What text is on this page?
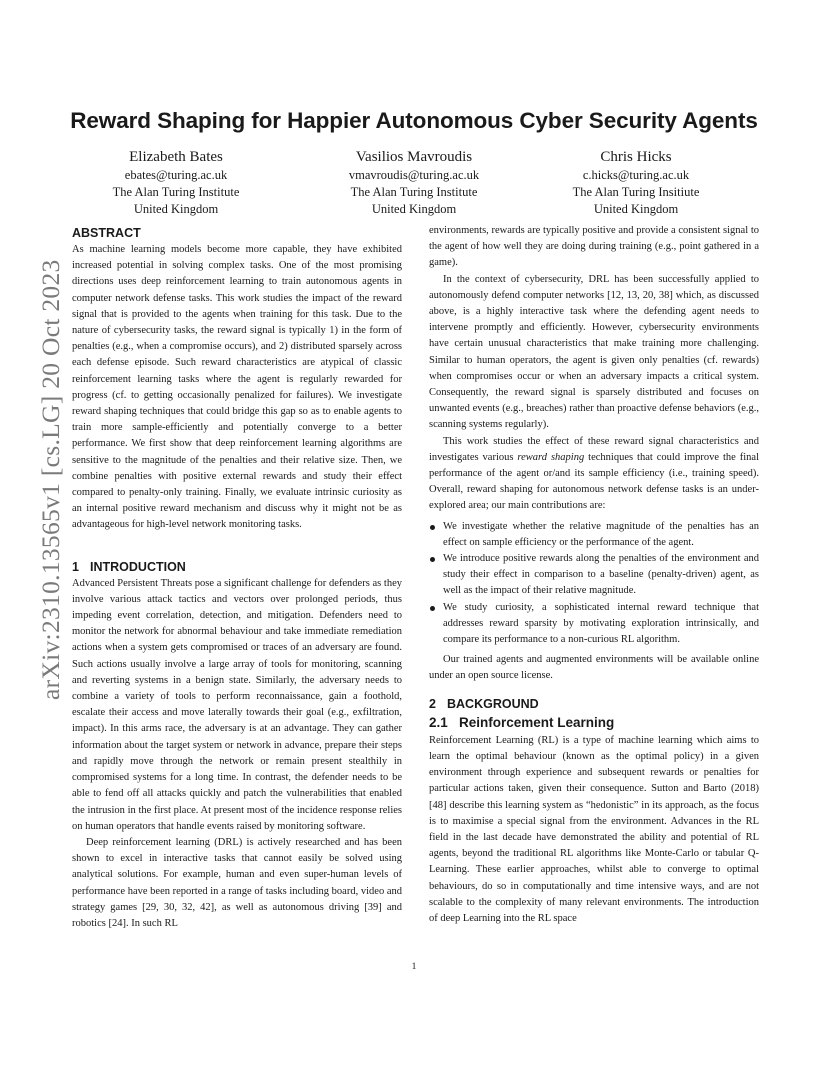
Reward Shaping for Happier Autonomous Cyber Security Agents
Elizabeth Bates
ebates@turing.ac.uk
The Alan Turing Institute
United Kingdom
Vasilios Mavroudis
vmavroudis@turing.ac.uk
The Alan Turing Institute
United Kingdom
Chris Hicks
c.hicks@turing.ac.uk
The Alan Turing Insitiute
United Kingdom
arXiv:2310.13565v1 [cs.LG] 20 Oct 2023
ABSTRACT

As machine learning models become more capable, they have exhibited increased potential in solving complex tasks. One of the most promising directions uses deep reinforcement learning to train autonomous agents in computer network defense tasks. This work studies the impact of the reward signal that is provided to the agents when training for this task. Due to the nature of cybersecurity tasks, the reward signal is typically 1) in the form of penalties (e.g., when a compromise occurs), and 2) distributed sparsely across each defense episode. Such reward characteristics are atypical of classic reinforcement learning tasks where the agent is regularly rewarded for progress (cf. to getting occasionally penalized for failures). We investigate reward shaping techniques that could bridge this gap so as to enable agents to train more sample-efficiently and potentially converge to a better performance. We first show that deep reinforcement learning algorithms are sensitive to the magnitude of the penalties and their relative size. Then, we combine penalties with positive external rewards and study their effect compared to penalty-only training. Finally, we evaluate intrinsic curiosity as an internal positive reward mechanism and discuss why it might not be as advantageous for high-level network monitoring tasks.

1 INTRODUCTION

Advanced Persistent Threats pose a significant challenge for defenders as they involve various attack tactics and vectors over prolonged periods, thus impeding event correlation, detection, and mitigation. Defenders need to monitor the network for abnormal behaviour and take immediate remediation actions when a system gets compromised or traces of an adversary are found. Such actions usually involve a large array of tools for monitoring, scanning and reverting systems in a benign state. Similarly, the adversary needs to combine a variety of tools to perform reconnaissance, gain a foothold, escalate their access and move laterally towards their goal (e.g., exfiltration, impact). In this arms race, the adversary is at an advantage. They can gather information about the target system or network in advance, prepare their steps and rapidly move through the network or remain present stealthily in compromised systems for a long time. In contrast, the defender needs to be able to fend off all attacks quickly and patch the vulnerabilities that enabled the intrusion in the first place. At present most of the incidence response relies on human operators that handle events raised by monitoring software.

Deep reinforcement learning (DRL) is actively researched and has been shown to excel in interactive tasks that cannot easily be solved using analytical solutions. For example, human and even super-human levels of performance have been reported in a range of tasks including board, video and strategy games [29, 30, 32, 42], as well as autonomous driving [39] and robotics [24]. In such RL

environments, rewards are typically positive and provide a consistent signal to the agent of how well they are doing during training (e.g., point gathered in a game).

In the context of cybersecurity, DRL has been successfully applied to autonomously defend computer networks [12, 13, 20, 38] which, as discussed above, is a highly interactive task where the defending agent needs to intervene promptly and efficiently. However, cybersecurity environments have certain unusual characteristics that make training more challenging. Similar to human operators, the agent is given only penalties (cf. rewards) when compromises occur or when an adversary impacts a critical system. Consequently, the reward signal is sparsely distributed and focuses on unwanted events (e.g., breaches) rather than proactive defense behaviors (e.g., scanning systems regularly).

This work studies the effect of these reward signal characteristics and investigates various reward shaping techniques that could improve the final performance of the agent or/and its sample efficiency (i.e., training speed). Overall, reward shaping for autonomous network defense tasks is an under-explored area; our main contributions are:

We investigate whether the relative magnitude of the penalties has an effect on sample efficiency or the performance of the agent.
We introduce positive rewards along the penalties of the environment and study their effect in comparison to a baseline (penalty-driven) agent, as well as the impact of their relative magnitude.
We study curiosity, a sophisticated internal reward technique that addresses reward sparsity by motivating exploration intrinsically, and compare its performance to a non-curious RL algorithm.

Our trained agents and augmented environments will be available online under an open source license.

2 BACKGROUND
2.1 Reinforcement Learning

Reinforcement Learning (RL) is a type of machine learning which aims to learn the optimal behaviour (known as the optimal policy) in a given environment through experience and subsequent rewards or penalties for particular actions taken, given their consequence. Sutton and Barto (2018) [48] describe this learning system as “hedonistic” in its approach, as the focus is to maximise a special signal from the environment. Advances in the RL field in the last decade have demonstrated the ability and potential of RL agents, beyond the traditional RL algorithms like Monte-Carlo or tabular Q-Learning. These earlier approaches, whilst able to converge to optimal behaviours, do so in computationally and time intensive ways, and are not scalable to the complexity of many relevant environments. The introduction of deep Learning into the RL space

1
